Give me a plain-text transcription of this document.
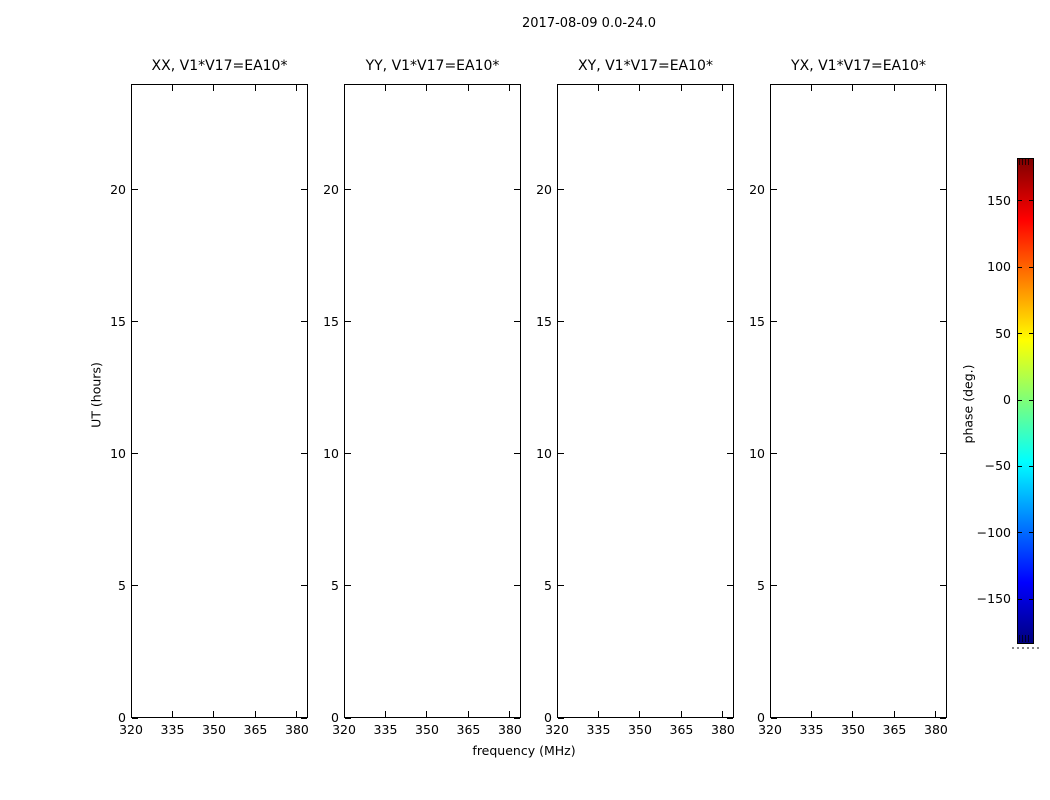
2017-08-09 0.0-24.0
XX, V1*V17=EA10*
320 335 350 365 380
0
5
10
15
20
YY, V1*V17=EA10*
320 335 350 365 380
0
5
10
15
20
XY, V1*V17=EA10*
320 335 350 365 380
0
5
10
15
20
YX, V1*V17=EA10*
320 335 350 365 380
0
5
10
15
20
frequency (MHz)
UT (hours)
150
100
50
0
−50
−100
−150
phase (deg.)
